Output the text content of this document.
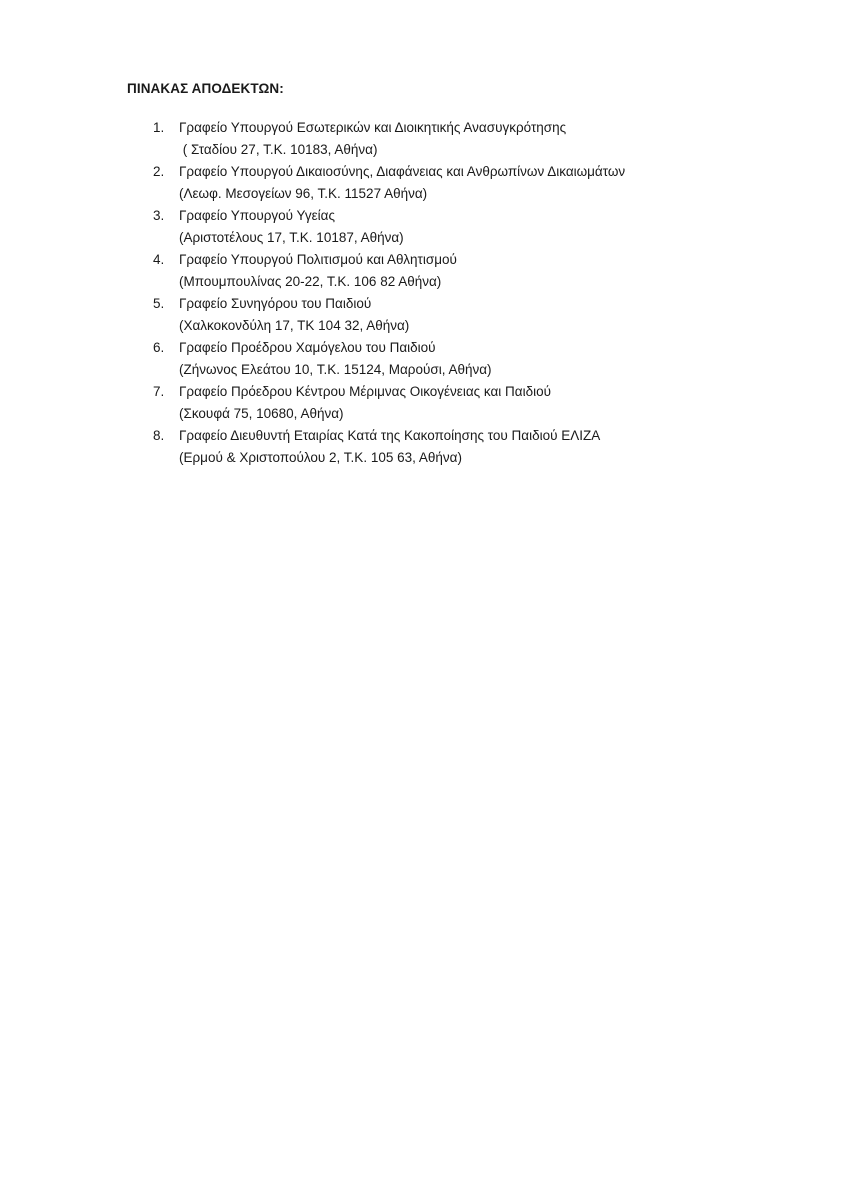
ΠΙΝΑΚΑΣ ΑΠΟΔΕΚΤΩΝ:

1. Γραφείο Υπουργού Εσωτερικών και Διοικητικής Ανασυγκρότησης
( Σταδίου 27, Τ.Κ. 10183, Αθήνα)
2. Γραφείο Υπουργού Δικαιοσύνης, Διαφάνειας και Ανθρωπίνων Δικαιωμάτων
(Λεωφ. Μεσογείων 96, Τ.Κ. 11527 Αθήνα)
3. Γραφείο Υπουργού Υγείας
(Αριστοτέλους 17, Τ.Κ. 10187, Αθήνα)
4. Γραφείο Υπουργού Πολιτισμού και Αθλητισμού
(Μπουμπουλίνας 20-22, Τ.Κ. 106 82 Αθήνα)
5. Γραφείο Συνηγόρου του Παιδιού
(Χαλκοκονδύλη 17, ΤΚ 104 32, Αθήνα)
6. Γραφείο Προέδρου Χαμόγελου του Παιδιού
(Ζήνωνος Ελεάτου 10, Τ.Κ. 15124, Μαρούσι, Αθήνα)
7. Γραφείο Πρόεδρου Κέντρου Μέριμνας Οικογένειας και Παιδιού
(Σκουφά 75, 10680, Αθήνα)
8. Γραφείο Διευθυντή Εταιρίας Κατά της Κακοποίησης του Παιδιού ΕΛΙΖΑ
(Ερμού & Χριστοπούλου 2, Τ.Κ. 105 63, Αθήνα)
